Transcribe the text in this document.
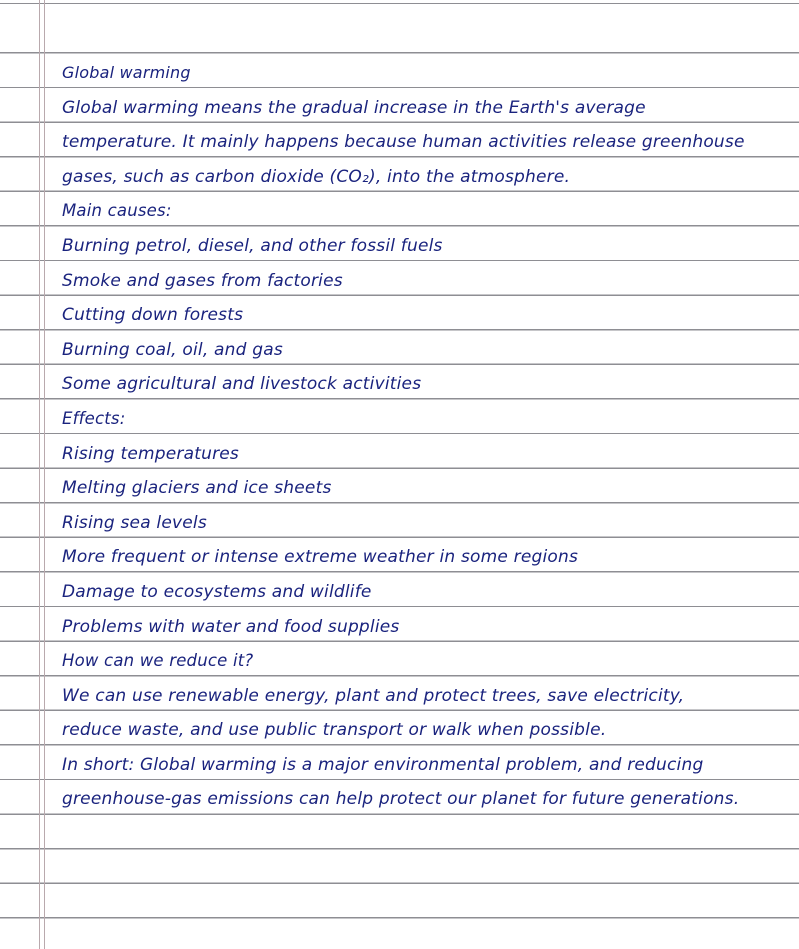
Global warming
Global warming means the gradual increase in the Earth's average
temperature. It mainly happens because human activities release greenhouse
gases, such as carbon dioxide (CO₂), into the atmosphere.
Main causes:
Burning petrol, diesel, and other fossil fuels
Smoke and gases from factories
Cutting down forests
Burning coal, oil, and gas
Some agricultural and livestock activities
Effects:
Rising temperatures
Melting glaciers and ice sheets
Rising sea levels
More frequent or intense extreme weather in some regions
Damage to ecosystems and wildlife
Problems with water and food supplies
How can we reduce it?
We can use renewable energy, plant and protect trees, save electricity,
reduce waste, and use public transport or walk when possible.
In short: Global warming is a major environmental problem, and reducing
greenhouse-gas emissions can help protect our planet for future generations.
